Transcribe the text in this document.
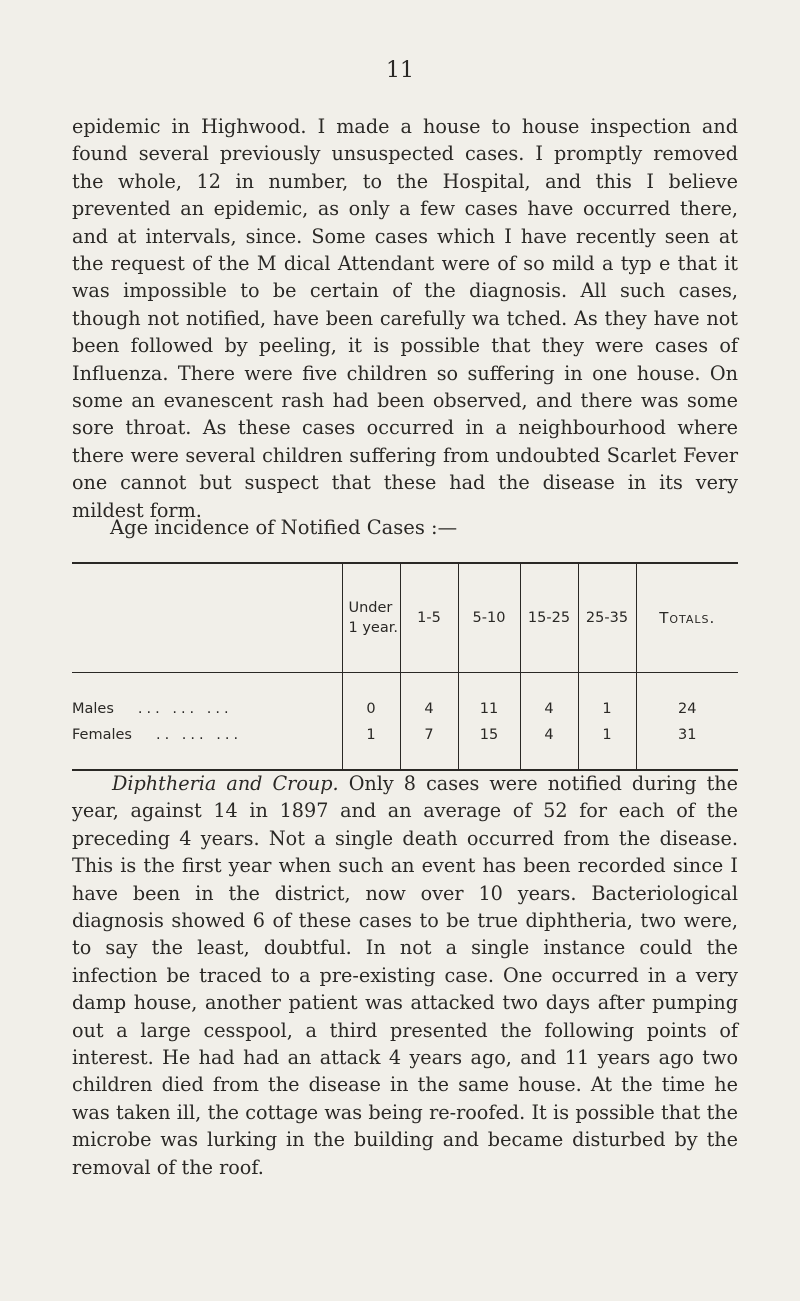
11

epidemic in Highwood. I made a house to house inspection and found several previously unsuspected cases. I promptly removed the whole, 12 in number, to the Hospital, and this I believe prevented an epidemic, as only a few cases have occurred there, and at intervals, since. Some cases which I have recently seen at the request of the M dical Attendant were of so mild a typ e that it was impossible to be certain of the diagnosis. All such cases, though not notified, have been carefully wa tched. As they have not been followed by peeling, it is possible that they were cases of Influenza. There were five children so suffering in one house. On some an evanescent rash had been observed, and there was some sore throat. As these cases occurred in a neighbourhood where there were several children suffering from undoubted Scarlet Fever one cannot but suspect that these had the disease in its very mildest form.

Age incidence of Notified Cases :—
	Under 1 year.	1-5	5-10	15-25	25-35	Totals.
Males ... ... ...	0	4	11	4	1	24
Females .. ... ...	1	7	15	4	1	31

Diphtheria and Croup. Only 8 cases were notified during the year, against 14 in 1897 and an average of 52 for each of the preceding 4 years. Not a single death occurred from the disease. This is the first year when such an event has been recorded since I have been in the district, now over 10 years. Bacteriological diagnosis showed 6 of these cases to be true diphtheria, two were, to say the least, doubtful. In not a single instance could the infection be traced to a pre-existing case. One occurred in a very damp house, another patient was attacked two days after pumping out a large cesspool, a third presented the following points of interest. He had had an attack 4 years ago, and 11 years ago two children died from the disease in the same house. At the time he was taken ill, the cottage was being re-roofed. It is possible that the microbe was lurking in the building and became disturbed by the removal of the roof.
